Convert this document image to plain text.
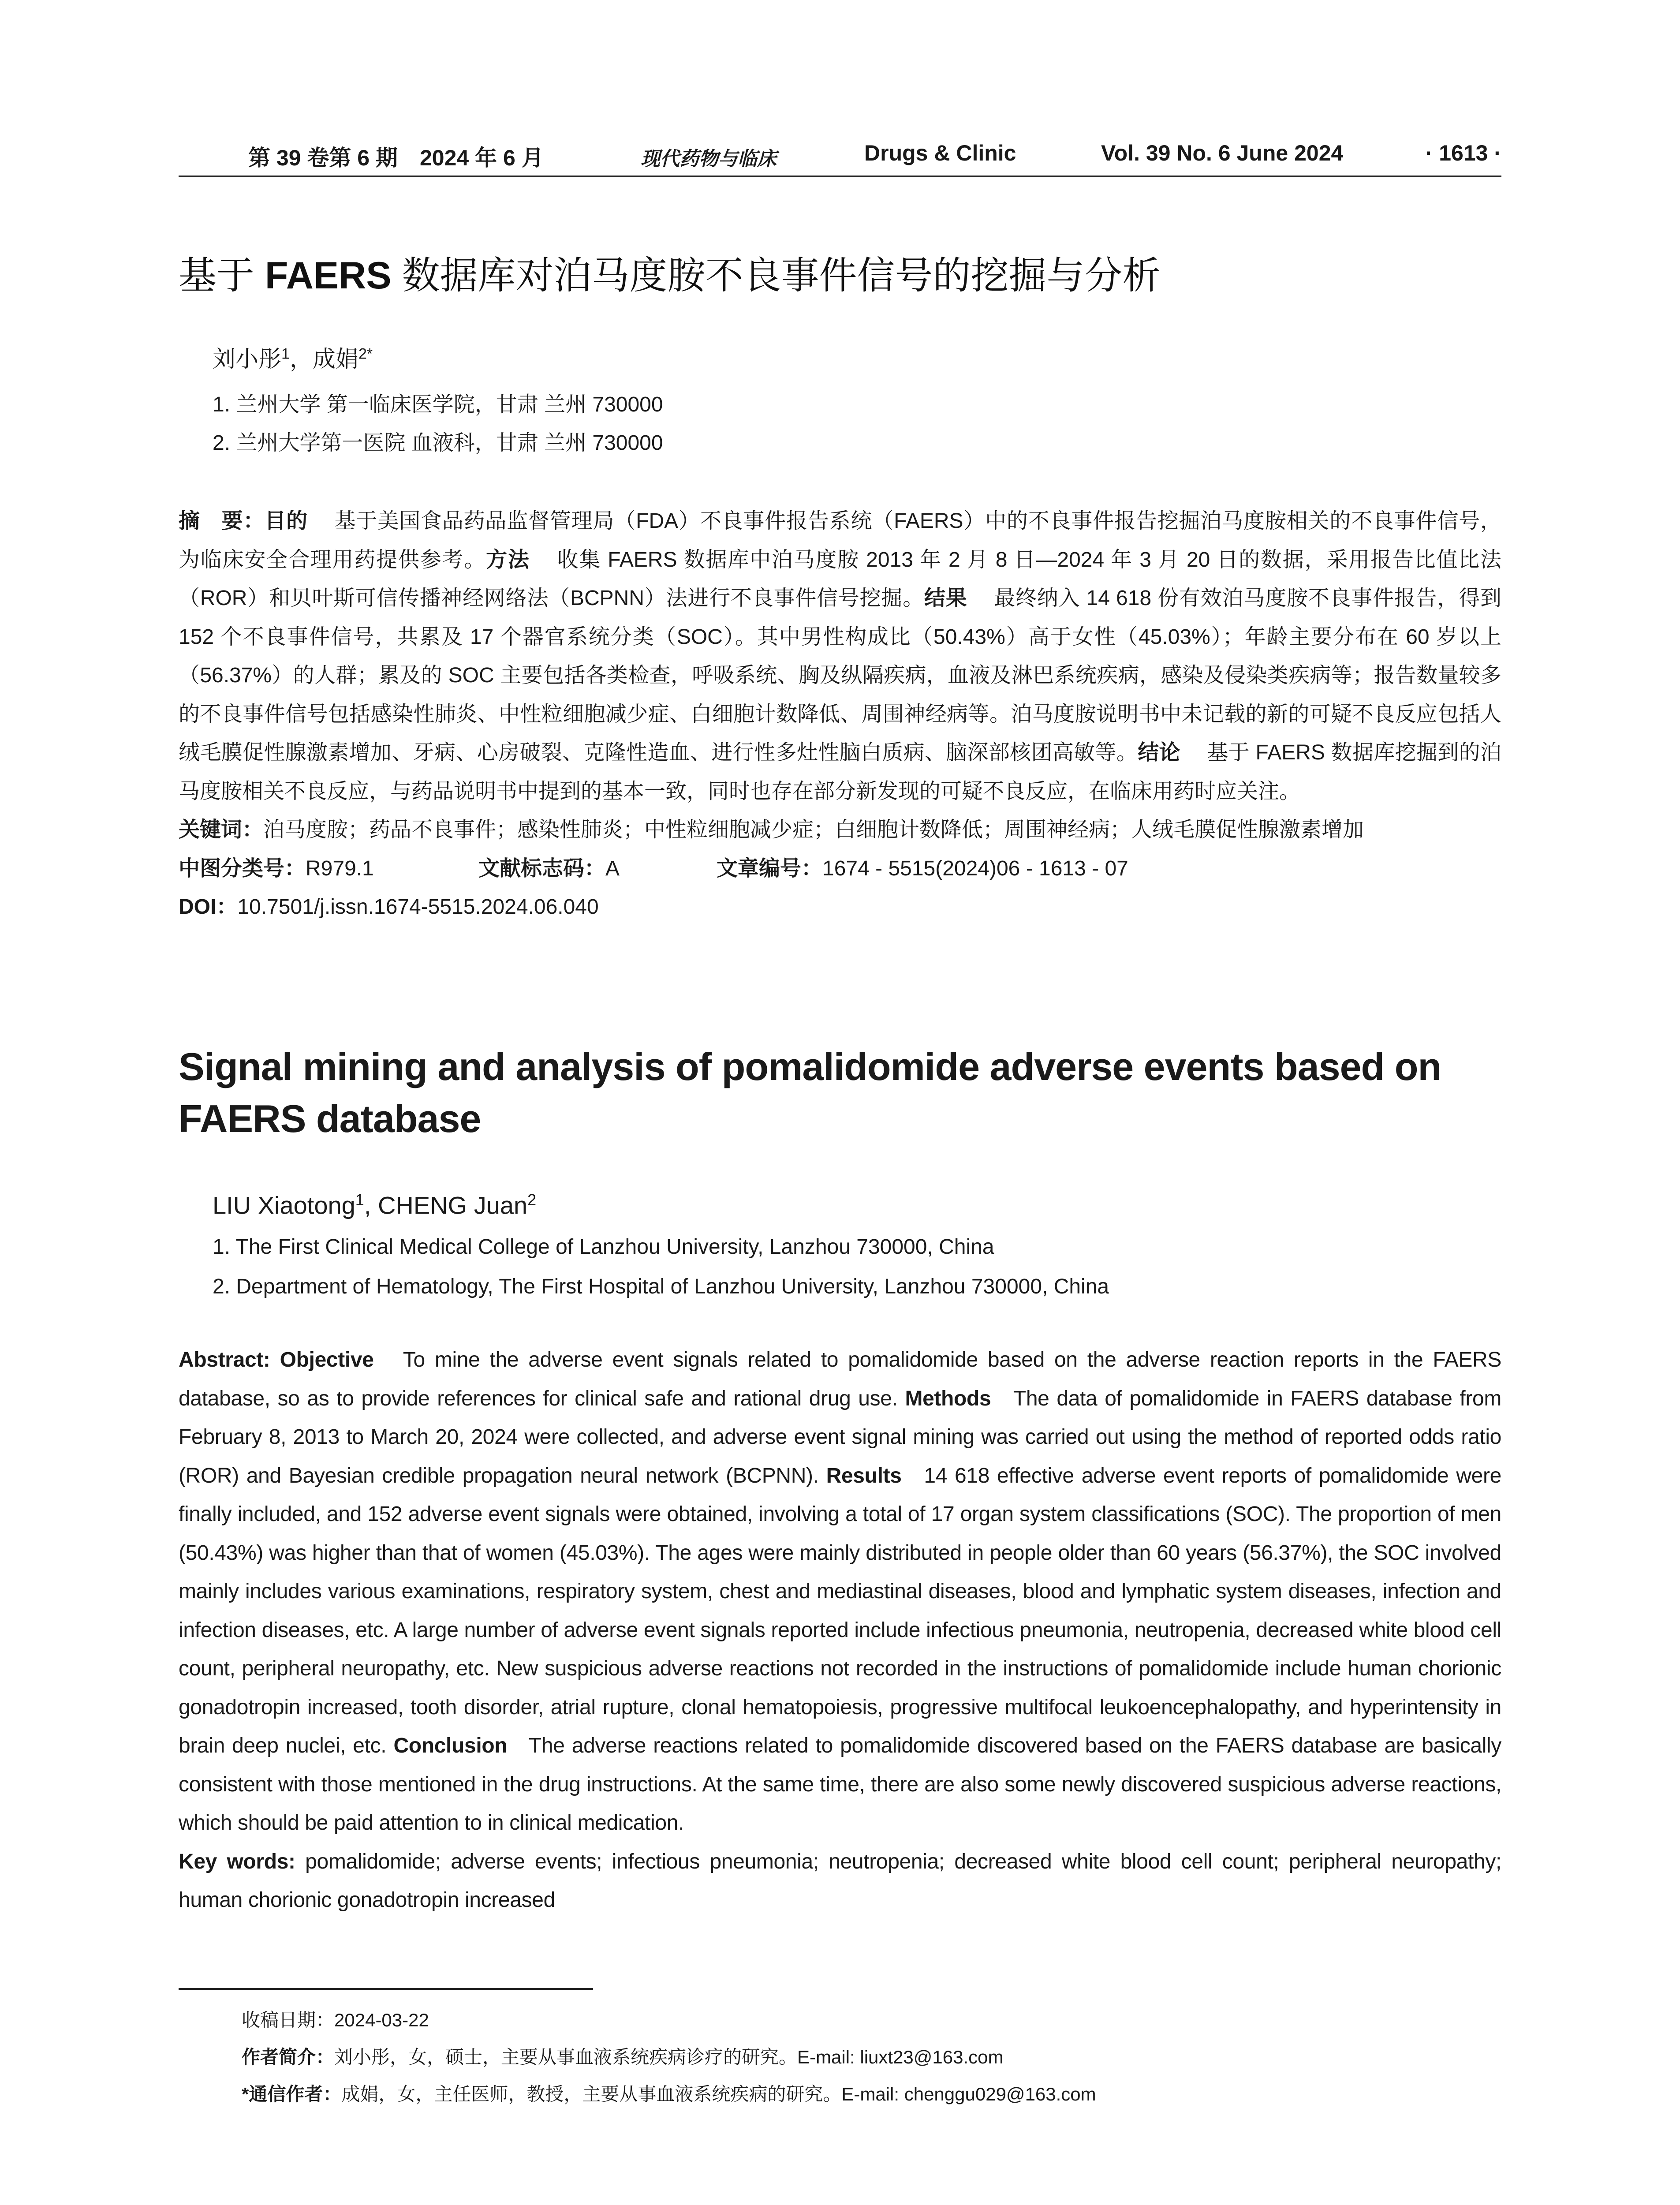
第 39 卷第 6 期　2024 年 6 月	现代药物与临床	Drugs & Clinic	Vol. 39 No. 6 June 2024	· 1613 ·
基于 FAERS 数据库对泊马度胺不良事件信号的挖掘与分析
刘小彤$^1$，成娟$^{2*}$
1. 兰州大学 第一临床医学院，甘肃 兰州 730000
2. 兰州大学第一医院 血液科，甘肃 兰州 730000

摘　要：目的 基于美国食品药品监督管理局（FDA）不良事件报告系统（FAERS）中的不良事件报告挖掘泊马度胺相关的不良事件信号，为临床安全合理用药提供参考。方法 收集 FAERS 数据库中泊马度胺 2013 年 2 月 8 日—2024 年 3 月 20 日的数据，采用报告比值比法（ROR）和贝叶斯可信传播神经网络法（BCPNN）法进行不良事件信号挖掘。结果 最终纳入 14 618 份有效泊马度胺不良事件报告，得到 152 个不良事件信号，共累及 17 个器官系统分类（SOC）。其中男性构成比（50.43%）高于女性（45.03%）；年龄主要分布在 60 岁以上（56.37%）的人群；累及的 SOC 主要包括各类检查，呼吸系统、胸及纵隔疾病，血液及淋巴系统疾病，感染及侵染类疾病等；报告数量较多的不良事件信号包括感染性肺炎、中性粒细胞减少症、白细胞计数降低、周围神经病等。泊马度胺说明书中未记载的新的可疑不良反应包括人绒毛膜促性腺激素增加、牙病、心房破裂、克隆性造血、进行性多灶性脑白质病、脑深部核团高敏等。结论 基于 FAERS 数据库挖掘到的泊马度胺相关不良反应，与药品说明书中提到的基本一致，同时也存在部分新发现的可疑不良反应，在临床用药时应关注。

关键词：泊马度胺；药品不良事件；感染性肺炎；中性粒细胞减少症；白细胞计数降低；周围神经病；人绒毛膜促性腺激素增加

中图分类号：R979.1	文献标志码：A	文章编号：1674 - 5515(2024)06 - 1613 - 07
DOI：10.7501/j.issn.1674-5515.2024.06.040
Signal mining and analysis of pomalidomide adverse events based on FAERS database
LIU Xiaotong$^1$, CHENG Juan$^2$
1. The First Clinical Medical College of Lanzhou University, Lanzhou 730000, China
2. Department of Hematology, The First Hospital of Lanzhou University, Lanzhou 730000, China

Abstract: Objective To mine the adverse event signals related to pomalidomide based on the adverse reaction reports in the FAERS database, so as to provide references for clinical safe and rational drug use. Methods The data of pomalidomide in FAERS database from February 8, 2013 to March 20, 2024 were collected, and adverse event signal mining was carried out using the method of reported odds ratio (ROR) and Bayesian credible propagation neural network (BCPNN). Results 14 618 effective adverse event reports of pomalidomide were finally included, and 152 adverse event signals were obtained, involving a total of 17 organ system classifications (SOC). The proportion of men (50.43%) was higher than that of women (45.03%). The ages were mainly distributed in people older than 60 years (56.37%), the SOC involved mainly includes various examinations, respiratory system, chest and mediastinal diseases, blood and lymphatic system diseases, infection and infection diseases, etc. A large number of adverse event signals reported include infectious pneumonia, neutropenia, decreased white blood cell count, peripheral neuropathy, etc. New suspicious adverse reactions not recorded in the instructions of pomalidomide include human chorionic gonadotropin increased, tooth disorder, atrial rupture, clonal hematopoiesis, progressive multifocal leukoencephalopathy, and hyperintensity in brain deep nuclei, etc. Conclusion The adverse reactions related to pomalidomide discovered based on the FAERS database are basically consistent with those mentioned in the drug instructions. At the same time, there are also some newly discovered suspicious adverse reactions, which should be paid attention to in clinical medication.

Key words: pomalidomide; adverse events; infectious pneumonia; neutropenia; decreased white blood cell count; peripheral neuropathy; human chorionic gonadotropin increased

收稿日期：2024-03-22
作者简介：刘小彤，女，硕士，主要从事血液系统疾病诊疗的研究。E-mail: liuxt23@163.com
*通信作者：成娟，女，主任医师，教授，主要从事血液系统疾病的研究。E-mail: chenggu029@163.com
